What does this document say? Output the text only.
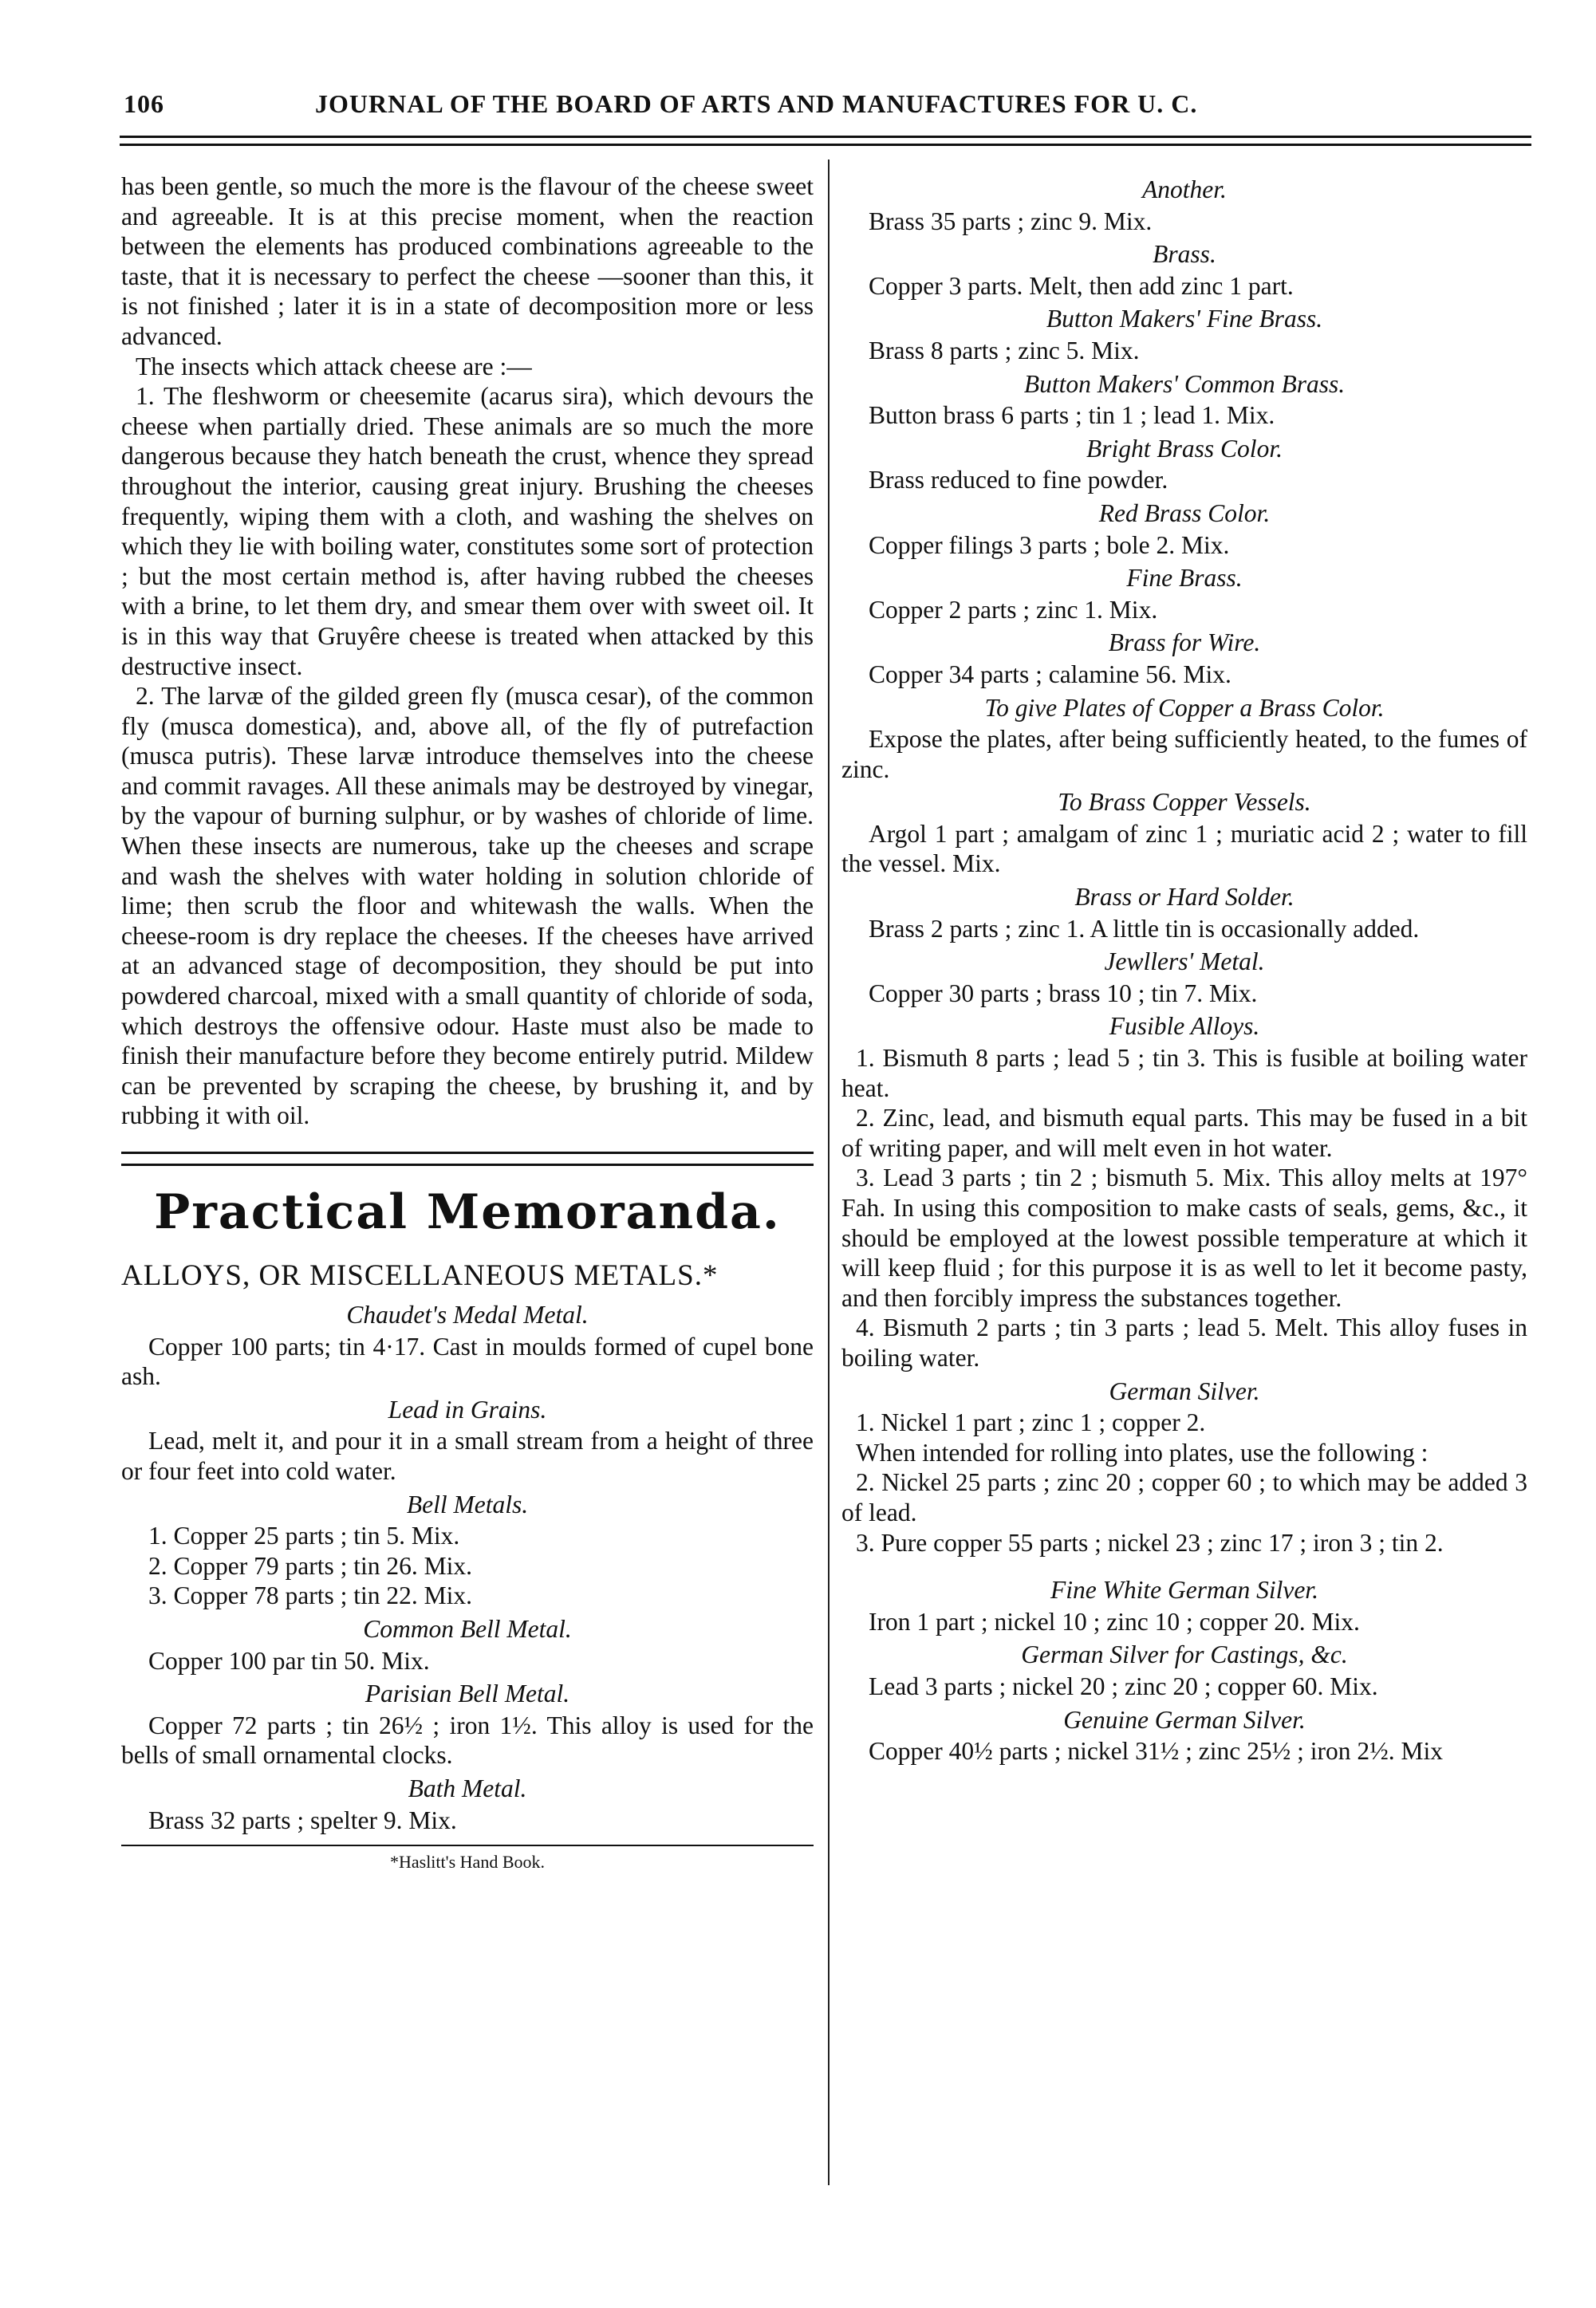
106	JOURNAL OF THE BOARD OF ARTS AND MANUFACTURES FOR U. C.

has been gentle, so much the more is the flavour of the cheese sweet and agreeable. It is at this precise moment, when the reaction between the elements has produced combinations agreeable to the taste, that it is necessary to perfect the cheese —sooner than this, it is not finished ; later it is in a state of decomposition more or less advanced.

The insects which attack cheese are :—

1. The fleshworm or cheesemite (acarus sira), which devours the cheese when partially dried. These animals are so much the more dangerous because they hatch beneath the crust, whence they spread throughout the interior, causing great injury. Brushing the cheeses frequently, wiping them with a cloth, and washing the shelves on which they lie with boiling water, constitutes some sort of protection ; but the most certain method is, after having rubbed the cheeses with a brine, to let them dry, and smear them over with sweet oil. It is in this way that Gruyêre cheese is treated when attacked by this destructive insect.

2. The larvæ of the gilded green fly (musca cesar), of the common fly (musca domestica), and, above all, of the fly of putrefaction (musca putris). These larvæ introduce themselves into the cheese and commit ravages. All these animals may be destroyed by vinegar, by the vapour of burning sulphur, or by washes of chloride of lime. When these insects are numerous, take up the cheeses and scrape and wash the shelves with water holding in solution chloride of lime; then scrub the floor and whitewash the walls. When the cheese-room is dry replace the cheeses. If the cheeses have arrived at an advanced stage of decomposition, they should be put into powdered charcoal, mixed with a small quantity of chloride of soda, which destroys the offensive odour. Haste must also be made to finish their manufacture before they become entirely putrid. Mildew can be prevented by scraping the cheese, by brushing it, and by rubbing it with oil.

Practical Memoranda.
ALLOYS, OR MISCELLANEOUS METALS.*

Chaudet's Medal Metal.

Copper 100 parts; tin 4·17. Cast in moulds formed of cupel bone ash.

Lead in Grains.

Lead, melt it, and pour it in a small stream from a height of three or four feet into cold water.

Bell Metals.

1. Copper 25 parts ; tin 5. Mix.

2. Copper 79 parts ; tin 26. Mix.

3. Copper 78 parts ; tin 22. Mix.

Common Bell Metal.

Copper 100 par tin 50. Mix.

Parisian Bell Metal.

Copper 72 parts ; tin 26½ ; iron 1½. This alloy is used for the bells of small ornamental clocks.

Bath Metal.

Brass 32 parts ; spelter 9. Mix.

*Haslitt's Hand Book.

Another.

Brass 35 parts ; zinc 9. Mix.

Brass.

Copper 3 parts. Melt, then add zinc 1 part.

Button Makers' Fine Brass.

Brass 8 parts ; zinc 5. Mix.

Button Makers' Common Brass.

Button brass 6 parts ; tin 1 ; lead 1. Mix.

Bright Brass Color.

Brass reduced to fine powder.

Red Brass Color.

Copper filings 3 parts ; bole 2. Mix.

Fine Brass.

Copper 2 parts ; zinc 1. Mix.

Brass for Wire.

Copper 34 parts ; calamine 56. Mix.

To give Plates of Copper a Brass Color.

Expose the plates, after being sufficiently heated, to the fumes of zinc.

To Brass Copper Vessels.

Argol 1 part ; amalgam of zinc 1 ; muriatic acid 2 ; water to fill the vessel. Mix.

Brass or Hard Solder.

Brass 2 parts ; zinc 1. A little tin is occasionally added.

Jewllers' Metal.

Copper 30 parts ; brass 10 ; tin 7. Mix.

Fusible Alloys.

1. Bismuth 8 parts ; lead 5 ; tin 3. This is fusible at boiling water heat.

2. Zinc, lead, and bismuth equal parts. This may be fused in a bit of writing paper, and will melt even in hot water.

3. Lead 3 parts ; tin 2 ; bismuth 5. Mix. This alloy melts at 197° Fah. In using this composition to make casts of seals, gems, &c., it should be employed at the lowest possible temperature at which it will keep fluid ; for this purpose it is as well to let it become pasty, and then forcibly impress the substances together.

4. Bismuth 2 parts ; tin 3 parts ; lead 5. Melt. This alloy fuses in boiling water.

German Silver.

1. Nickel 1 part ; zinc 1 ; copper 2.

When intended for rolling into plates, use the following :

2. Nickel 25 parts ; zinc 20 ; copper 60 ; to which may be added 3 of lead.

3. Pure copper 55 parts ; nickel 23 ; zinc 17 ; iron 3 ; tin 2.

Fine White German Silver.

Iron 1 part ; nickel 10 ; zinc 10 ; copper 20. Mix.

German Silver for Castings, &c.

Lead 3 parts ; nickel 20 ; zinc 20 ; copper 60. Mix.

Genuine German Silver.

Copper 40½ parts ; nickel 31½ ; zinc 25½ ; iron 2½. Mix
